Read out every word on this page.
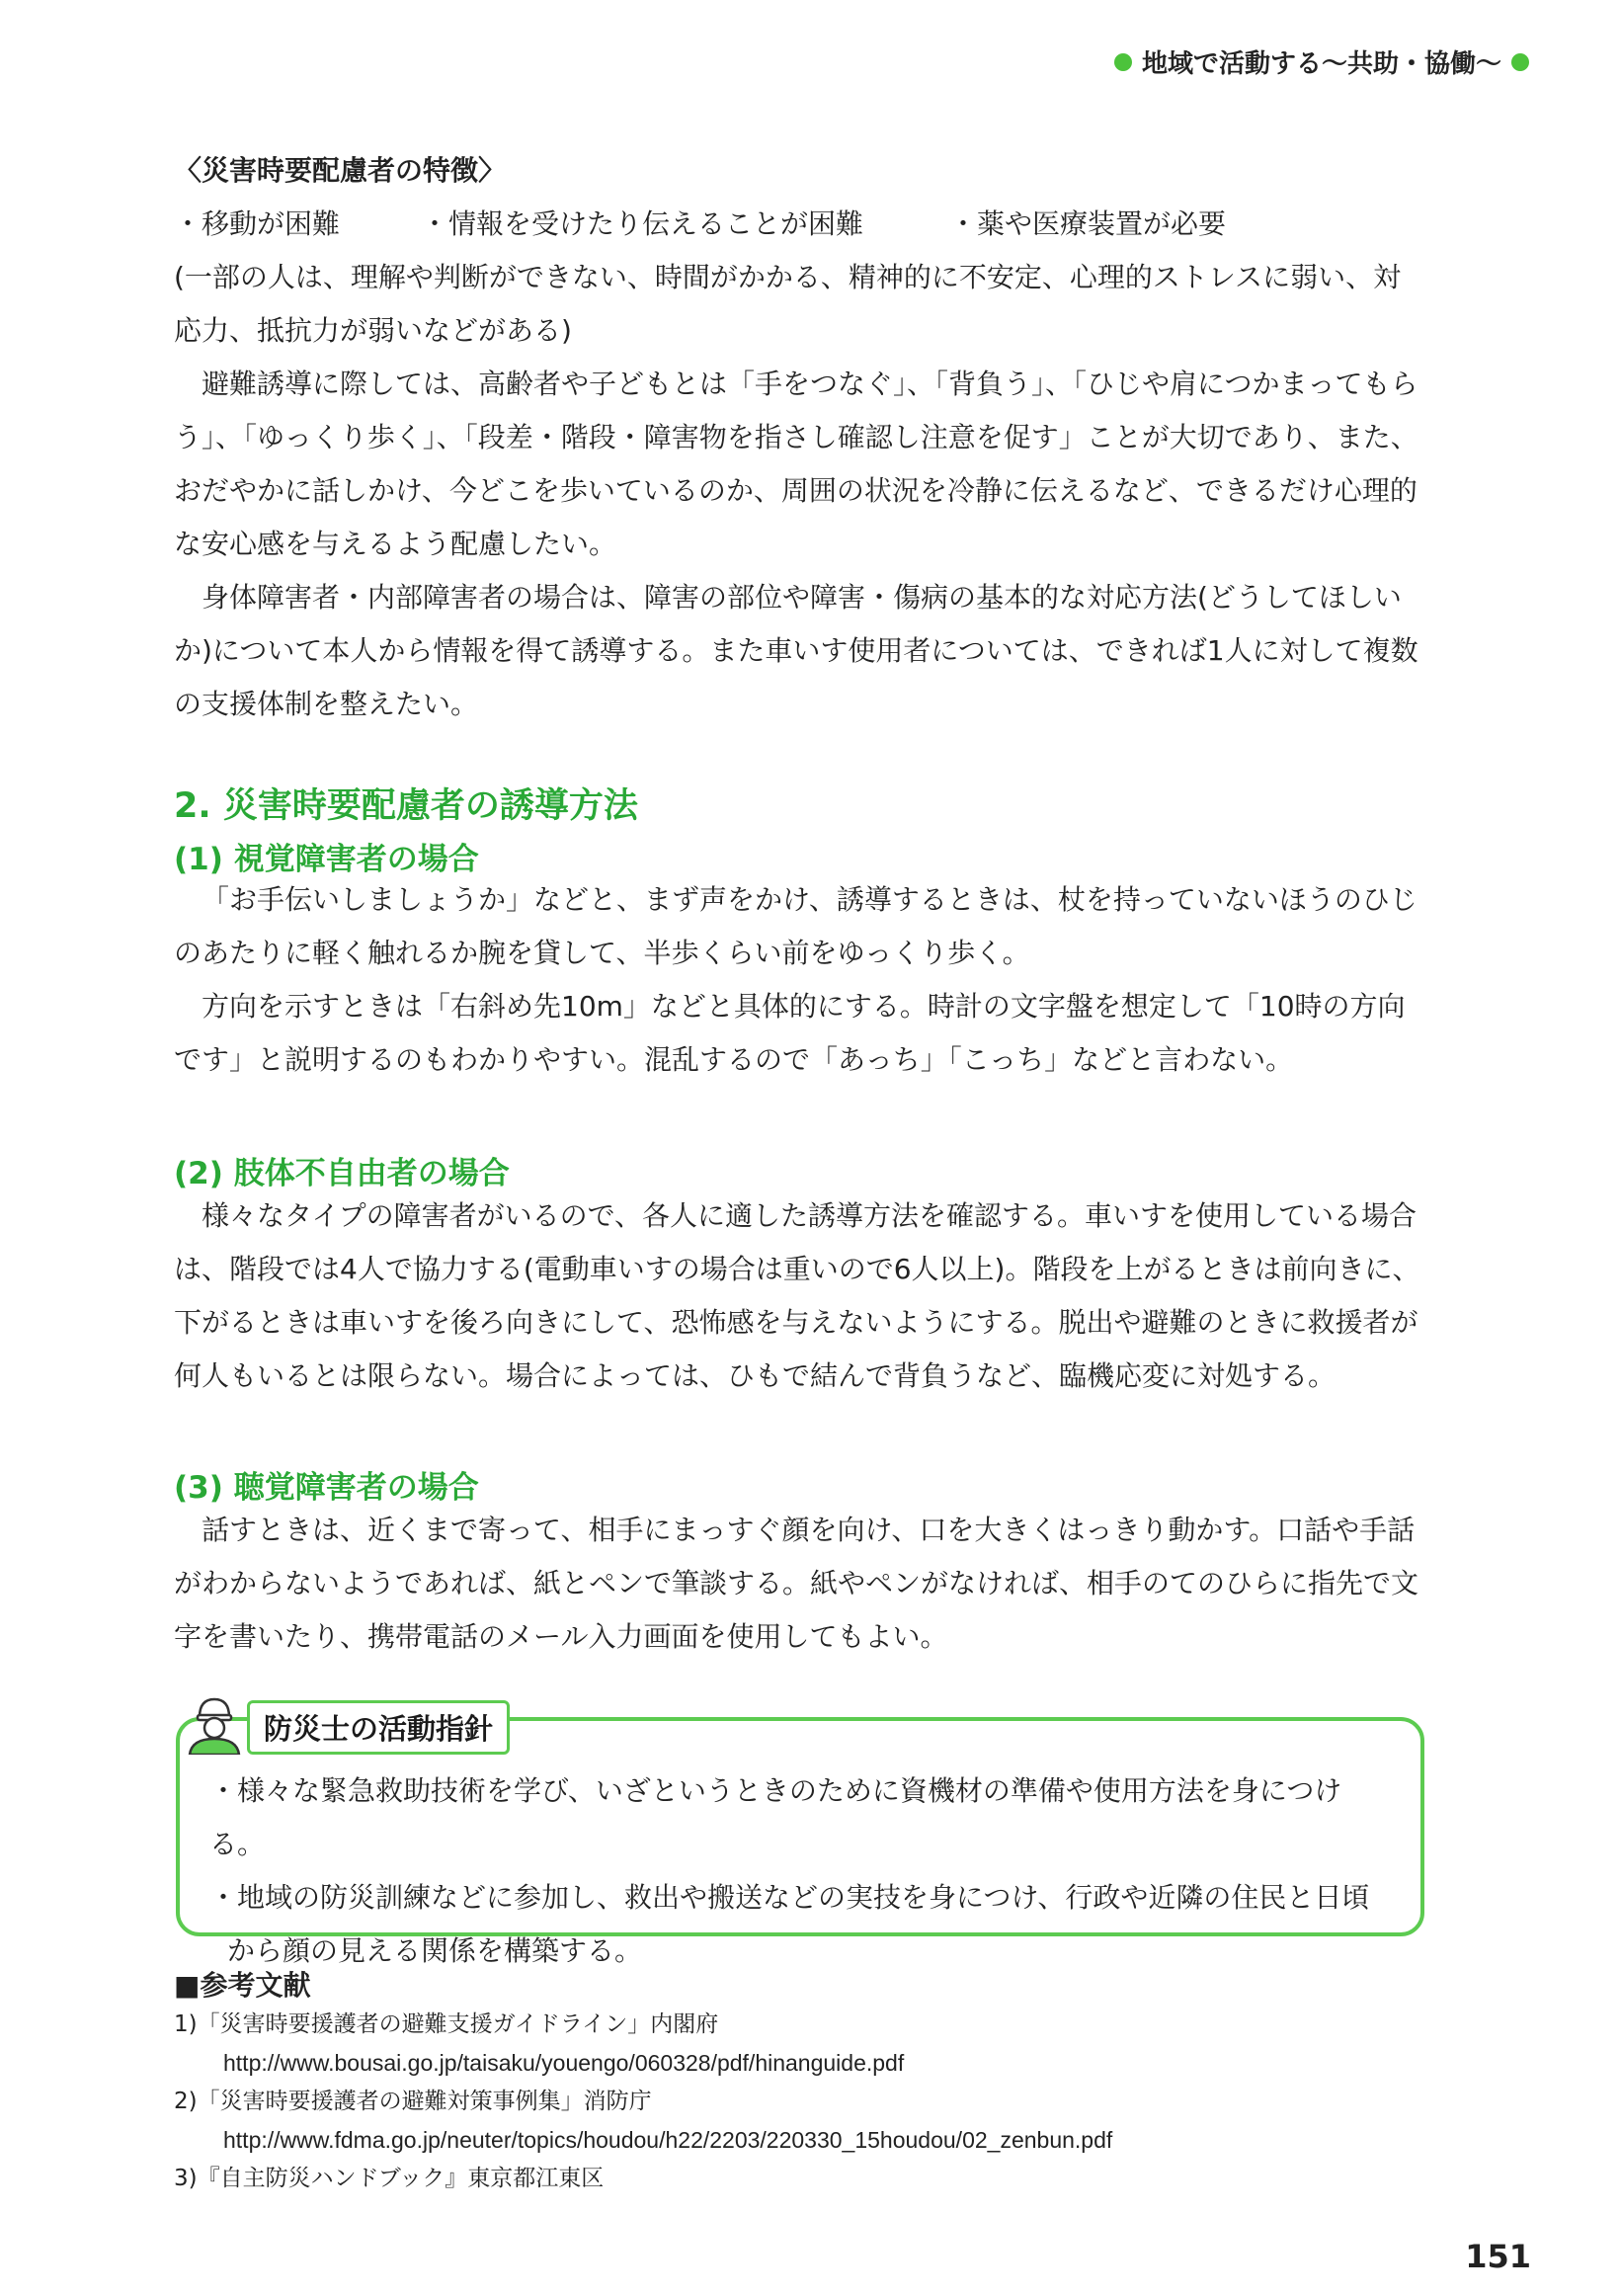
地域で活動する〜共助・協働〜

〈災害時要配慮者の特徴〉

・移動が困難	・情報を受けたり伝えることが困難	・薬や医療装置が必要

(一部の人は、理解や判断ができない、時間がかかる、精神的に不安定、心理的ストレスに弱い、対応力、抵抗力が弱いなどがある)

避難誘導に際しては、高齢者や子どもとは「手をつなぐ」、「背負う」、「ひじや肩につかまってもらう」、「ゆっくり歩く」、「段差・階段・障害物を指さし確認し注意を促す」ことが大切であり、また、おだやかに話しかけ、今どこを歩いているのか、周囲の状況を冷静に伝えるなど、できるだけ心理的な安心感を与えるよう配慮したい。

身体障害者・内部障害者の場合は、障害の部位や障害・傷病の基本的な対応方法(どうしてほしいか)について本人から情報を得て誘導する。また車いす使用者については、できれば1人に対して複数の支援体制を整えたい。

2. 災害時要配慮者の誘導方法
(1) 視覚障害者の場合

「お手伝いしましょうか」などと、まず声をかけ、誘導するときは、杖を持っていないほうのひじのあたりに軽く触れるか腕を貸して、半歩くらい前をゆっくり歩く。

方向を示すときは「右斜め先10m」などと具体的にする。時計の文字盤を想定して「10時の方向です」と説明するのもわかりやすい。混乱するので「あっち」「こっち」などと言わない。

(2) 肢体不自由者の場合

様々なタイプの障害者がいるので、各人に適した誘導方法を確認する。車いすを使用している場合は、階段では4人で協力する(電動車いすの場合は重いので6人以上)。階段を上がるときは前向きに、下がるときは車いすを後ろ向きにして、恐怖感を与えないようにする。脱出や避難のときに救援者が何人もいるとは限らない。場合によっては、ひもで結んで背負うなど、臨機応変に対処する。

(3) 聴覚障害者の場合

話すときは、近くまで寄って、相手にまっすぐ顔を向け、口を大きくはっきり動かす。口話や手話がわからないようであれば、紙とペンで筆談する。紙やペンがなければ、相手のてのひらに指先で文字を書いたり、携帯電話のメール入力画面を使用してもよい。

防災士の活動指針

・様々な緊急救助技術を学び、いざというときのために資機材の準備や使用方法を身につける。

・地域の防災訓練などに参加し、救出や搬送などの実技を身につけ、行政や近隣の住民と日頃から顔の見える関係を構築する。

■参考文献

1)「災害時要援護者の避難支援ガイドライン」内閣府

http://www.bousai.go.jp/taisaku/youengo/060328/pdf/hinanguide.pdf

2)「災害時要援護者の避難対策事例集」消防庁

http://www.fdma.go.jp/neuter/topics/houdou/h22/2203/220330_15houdou/02_zenbun.pdf

3)『自主防災ハンドブック』東京都江東区

151
